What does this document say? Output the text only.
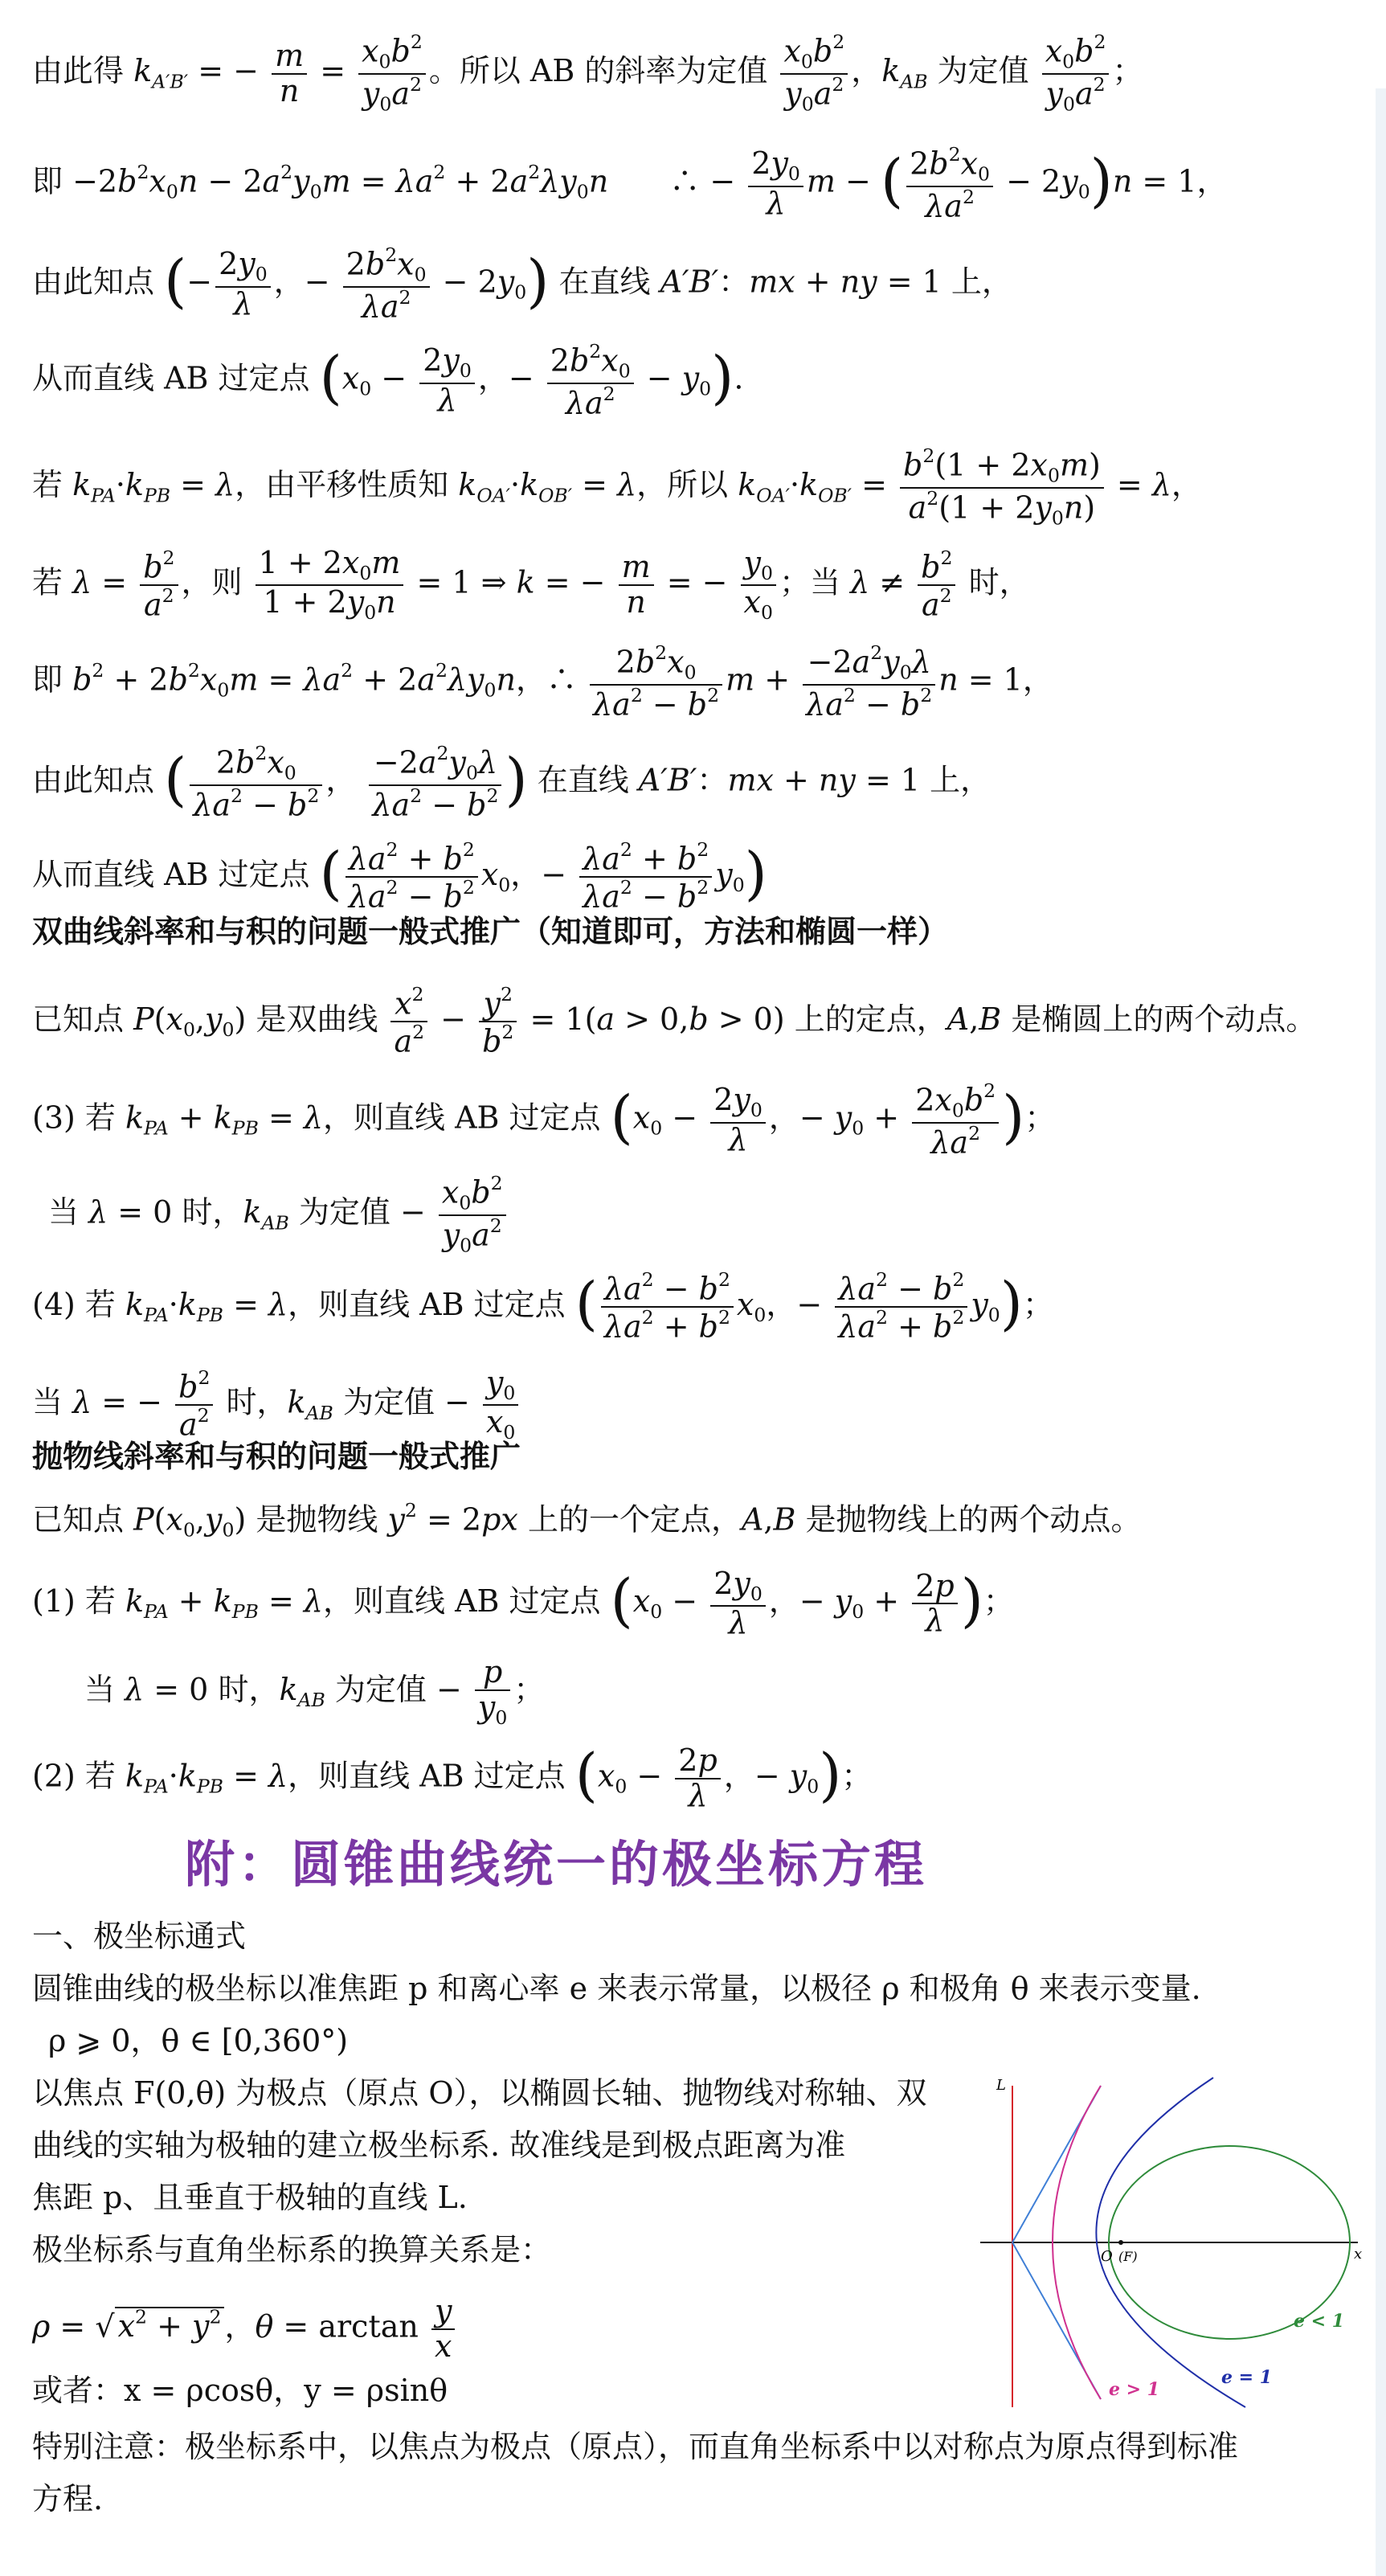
由此得 $k_{A'B'}$ = − $\frac{m}{n} = \frac{x_0b^2}{y_0a^2}$ 。所以 AB 的斜率为定值 $\frac{x_0b^2}{y_0a^2}$ ，$k_{AB}$ 为定值 $\frac{x_0b^2}{y_0a^2}$ ；
即 $-2b^2x_0n - 2a^2y_0m = \lambda a^2 + 2a^2\lambda y_0n$　　∴ − $\frac{2y_0}{\lambda}$ m − ( $\frac{2b^2x_0}{\lambda a^2} - 2y_0)n = 1$，
由此知点 (− $\frac{2y_0}{\lambda}$ ，− $\frac{2b^2x_0}{\lambda a^2} - 2y_0$) 在直线 A′B′：mx + ny = 1 上，
从而直线 AB 过定点 ($x_0 - \frac{2y_0}{\lambda}$ ，− $\frac{2b^2x_0}{\lambda a^2} - y_0$).
若 $k_{PA}\cdot k_{PB} = \lambda$，由平移性质知 $k_{OA'}\cdot k_{OB'} = \lambda$，所以 $k_{OA'}\cdot k_{OB'} = \frac{b^2(1 + 2x_0m)}{a^2(1 + 2y_0n)} = \lambda$，
若 $\lambda = \frac{b^2}{a^2}$ ，则 $\frac{1 + 2x_0m}{1 + 2y_0n} = 1$ ⇒ k = − $\frac{m}{n}$ = − $\frac{y_0}{x_0}$ ；当 $\lambda \ne \frac{b^2}{a^2}$ 时，
即 $b^2 + 2b^2x_0m = \lambda a^2 + 2a^2\lambda y_0n$，∴ $\frac{2b^2x_0}{\lambda a^2 - b^2}$ $m + \frac{-2a^2y_0\lambda}{\lambda a^2 - b^2}$ n = 1，
由此知点 ( $\frac{2b^2x_0}{\lambda a^2 - b^2}$ ， $\frac{-2a^2y_0\lambda}{\lambda a^2 - b^2}$ ) 在直线 A′B′：mx + ny = 1 上，
从而直线 AB 过定点 ( $\frac{\lambda a^2 + b^2}{\lambda a^2 - b^2} x_0$，− $\frac{\lambda a^2 + b^2}{\lambda a^2 - b^2} y_0$)
双曲线斜率和与积的问题一般式推广（知道即可，方法和椭圆一样）
已知点 $P(x_0,y_0)$ 是双曲线 $\frac{x^2}{a^2} - \frac{y^2}{b^2} = 1(a > 0,b > 0)$ 上的定点，A,B 是椭圆上的两个动点。
(3) 若 $k_{PA} + k_{PB} = \lambda$，则直线 AB 过定点 ($x_0 - \frac{2y_0}{\lambda}$ ，− $y_0 + \frac{2x_0b^2}{\lambda a^2}$ )；
当 λ = 0 时，$k_{AB}$ 为定值 − $\frac{x_0b^2}{y_0a^2}$
(4) 若 $k_{PA}\cdot k_{PB} = \lambda$，则直线 AB 过定点 ( $\frac{\lambda a^2 - b^2}{\lambda a^2 + b^2} x_0$，− $\frac{\lambda a^2 - b^2}{\lambda a^2 + b^2} y_0$)；
当 λ = − $\frac{b^2}{a^2}$ 时，$k_{AB}$ 为定值 − $\frac{y_0}{x_0}$
抛物线斜率和与积的问题一般式推广
已知点 $P(x_0,y_0)$ 是抛物线 $y^2 = 2px$ 上的一个定点，A,B 是抛物线上的两个动点。
(1) 若 $k_{PA} + k_{PB} = \lambda$，则直线 AB 过定点 ($x_0 - \frac{2y_0}{\lambda}$ ，− $y_0 + \frac{2p}{\lambda}$ )；
当 λ = 0 时，$k_{AB}$ 为定值 − $\frac{p}{y_0}$ ；
(2) 若 $k_{PA}\cdot k_{PB} = \lambda$，则直线 AB 过定点 ($x_0 - \frac{2p}{\lambda}$ ，− $y_0$)；
附：圆锥曲线统一的极坐标方程
一、极坐标通式
圆锥曲线的极坐标以准焦距 p 和离心率 e 来表示常量，以极径 ρ 和极角 θ 来表示变量.
ρ ⩾ 0，θ ∈ [0,360°)
以焦点 F(0,θ) 为极点（原点 O），以椭圆长轴、抛物线对称轴、双
曲线的实轴为极轴的建立极坐标系. 故准线是到极点距离为准
焦距 p、且垂直于极轴的直线 L.
极坐标系与直角坐标系的换算关系是：
ρ = √ $x^2 + y^2$ ，$\theta = \arctan \frac{y}{x}$
或者：x = ρcosθ，y = ρsinθ
特别注意：极坐标系中，以焦点为极点（原点），而直角坐标系中以对称点为原点得到标准
方程.
x
L
O (F)
e < 1
e = 1
e > 1
